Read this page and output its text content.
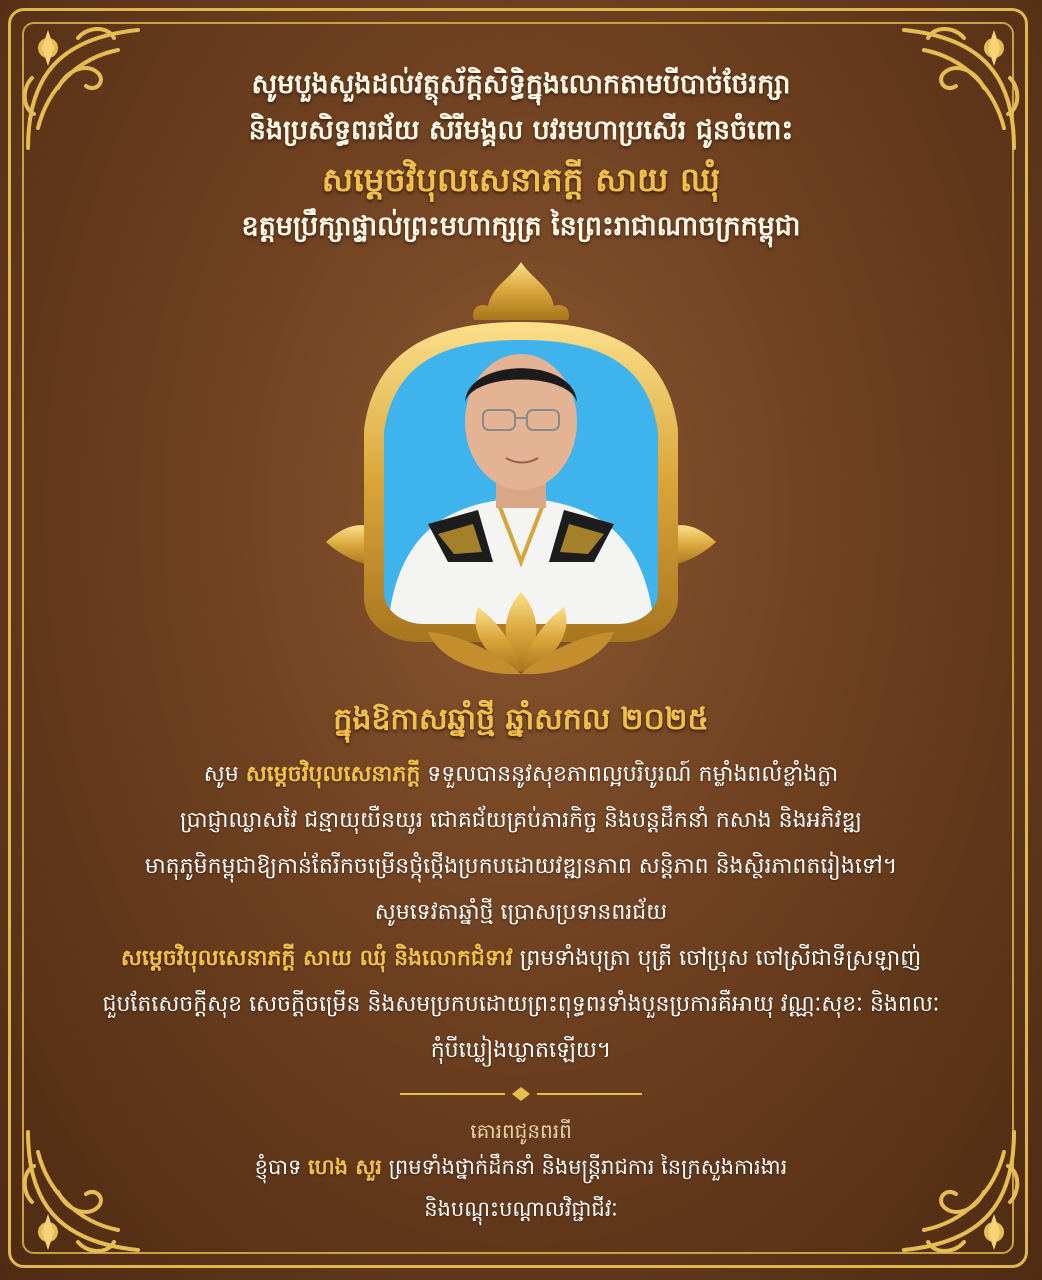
សូមបួងសួងដល់វត្ថុស័ក្តិសិទ្ធិក្នុងលោកតាមបីបាច់ថែរក្សា
និងប្រសិទ្ធពរជ័យ សិរីមង្គល បវរមហាប្រសើរ ជូនចំពោះ
សម្តេចវិបុលសេនាភក្តី សាយ ឈុំ
ឧត្តមប្រឹក្សាផ្ទាល់ព្រះមហាក្សត្រ នៃព្រះរាជាណាចក្រកម្ពុជា
ក្នុងឱកាសឆ្នាំថ្មី ឆ្នាំសកល ២០២៥
សូម សម្តេចវិបុលសេនាភក្តី ទទួលបាននូវសុខភាពល្អបរិបូរណ៍ កម្លាំងពលំខ្លាំងក្លា
ប្រាជ្ញាឈ្លាសវៃ ជន្មាយុយឺនយូរ ជោគជ័យគ្រប់ភារកិច្ច និងបន្តដឹកនាំ កសាង និងអភិវឌ្ឍ
មាតុភូមិកម្ពុជាឱ្យកាន់តែរីកចម្រើនថ្កុំថ្កើងប្រកបដោយវឌ្ឍនភាព សន្តិភាព និងស្ថិរភាពតរៀងទៅ។
សូមទេវតាឆ្នាំថ្មី ប្រោសប្រទានពរជ័យ
សម្តេចវិបុលសេនាភក្តី សាយ ឈុំ និងលោកជំទាវ ព្រមទាំងបុត្រា បុត្រី ចៅប្រុស ចៅស្រីជាទីស្រឡាញ់
ជួបតែសេចក្តីសុខ សេចក្តីចម្រើន និងសមប្រកបដោយព្រះពុទ្ធពរទាំងបួនប្រការគឺអាយុ វណ្ណៈសុខៈ និងពលៈ
កុំបីឃ្លៀងឃ្លាតឡើយ។
គោរពជូនពរពី
ខ្ញុំបាទ ហេង សួរ ព្រមទាំងថ្នាក់ដឹកនាំ និងមន្ត្រីរាជការ នៃក្រសួងការងារ
និងបណ្តុះបណ្តាលវិជ្ជាជីវៈ
